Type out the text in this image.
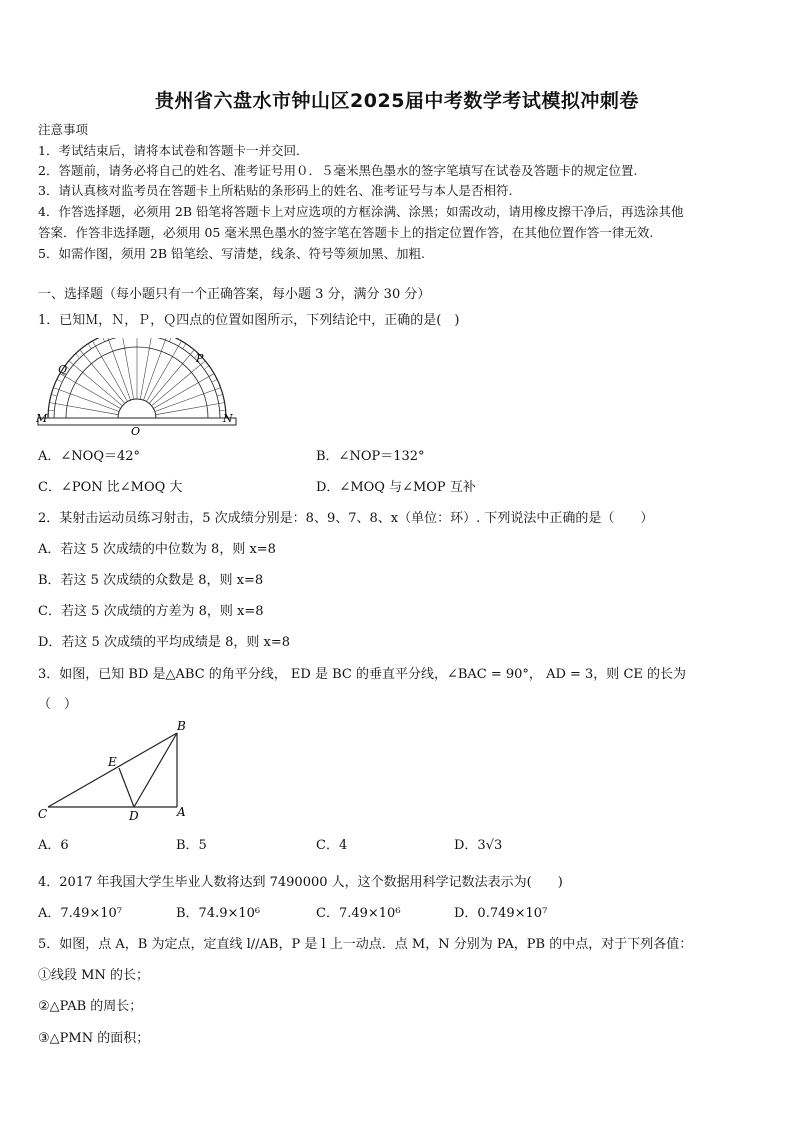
贵州省六盘水市钟山区2025届中考数学考试模拟冲刺卷
注意事项
1．考试结束后，请将本试卷和答题卡一并交回.
2．答题前，请务必将自己的姓名、准考证号用０．５毫米黑色墨水的签字笔填写在试卷及答题卡的规定位置.
3．请认真核对监考员在答题卡上所粘贴的条形码上的姓名、准考证号与本人是否相符.
4．作答选择题，必须用 2B 铅笔将答题卡上对应选项的方框涂满、涂黑；如需改动，请用橡皮擦干净后，再选涂其他
答案．作答非选择题，必须用 05 毫米黑色墨水的签字笔在答题卡上的指定位置作答，在其他位置作答一律无效.
5．如需作图，须用 2B 铅笔绘、写清楚，线条、符号等须加黑、加粗.
一、选择题（每小题只有一个正确答案，每小题 3 分，满分 30 分）
1．已知Ｍ，Ｎ，Ｐ，Ｑ四点的位置如图所示，下列结论中，正确的是(　)
Q
P
M	N
O
A．∠NOQ＝42°	B．∠NOP＝132°
C．∠PON 比∠MOQ 大	D．∠MOQ 与∠MOP 互补
2．某射击运动员练习射击，5 次成绩分别是：8、9、7、8、x（单位：环）. 下列说法中正确的是（　　）
A．若这 5 次成绩的中位数为 8，则 x=8
B．若这 5 次成绩的众数是 8，则 x=8
C．若这 5 次成绩的方差为 8，则 x=8
D．若这 5 次成绩的平均成绩是 8，则 x=8
3．如图，已知 BD 是△ABC 的角平分线， ED 是 BC 的垂直平分线，∠BAC = 90°， AD = 3，则 CE 的长为
（　）
B
E
C	D	A
A．6	B．5	C．4	D．3√3
4．2017 年我国大学生毕业人数将达到 7490000 人，这个数据用科学记数法表示为(　　)
A．7.49×10⁷	B．74.9×10⁶	C．7.49×10⁶	D．0.749×10⁷
5．如图，点 A，B 为定点，定直线 l//AB，P 是 l 上一动点．点 M，N 分别为 PA，PB 的中点，对于下列各值：
①线段 MN 的长；
②△PAB 的周长；
③△PMN 的面积；
